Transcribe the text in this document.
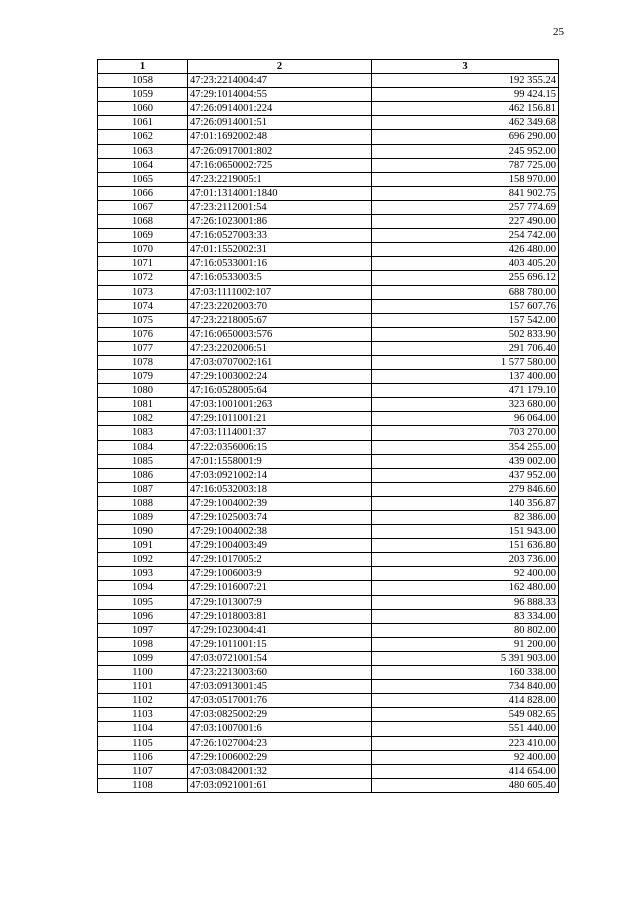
25
1	2	3
1058	47:23:2214004:47	192 355.24
1059	47:29:1014004:55	99 424.15
1060	47:26:0914001:224	462 156.81
1061	47:26:0914001:51	462 349.68
1062	47:01:1692002:48	696 290.00
1063	47:26:0917001:802	245 952.00
1064	47:16:0650002:725	787 725.00
1065	47:23:2219005:1	158 970.00
1066	47:01:1314001:1840	841 902.75
1067	47:23:2112001:54	257 774.69
1068	47:26:1023001:86	227 490.00
1069	47:16:0527003:33	254 742.00
1070	47:01:1552002:31	426 480.00
1071	47:16:0533001:16	403 405.20
1072	47:16:0533003:5	255 696.12
1073	47:03:1111002:107	688 780.00
1074	47:23:2202003:70	157 607.76
1075	47:23:2218005:67	157 542.00
1076	47:16:0650003:576	502 833.90
1077	47:23:2202006:51	291 706.40
1078	47:03:0707002:161	1 577 580.00
1079	47:29:1003002:24	137 400.00
1080	47:16:0528005:64	471 179.10
1081	47:03:1001001:263	323 680.00
1082	47:29:1011001:21	96 064.00
1083	47:03:1114001:37	703 270.00
1084	47:22:0356006:15	354 255.00
1085	47:01:1558001:9	439 002.00
1086	47:03:0921002:14	437 952.00
1087	47:16:0532003:18	279 846.60
1088	47:29:1004002:39	140 356.87
1089	47:29:1025003:74	82 386.00
1090	47:29:1004002:38	151 943.00
1091	47:29:1004003:49	151 636.80
1092	47:29:1017005:2	203 736.00
1093	47:29:1006003:9	92 400.00
1094	47:29:1016007:21	162 480.00
1095	47:29:1013007:9	96 888.33
1096	47:29:1018003:81	83 334.00
1097	47:29:1023004:41	80 802.00
1098	47:29:1011001:15	91 200.00
1099	47:03:0721001:54	5 391 903.00
1100	47:23:2213003:60	160 338.00
1101	47:03:0913001:45	734 840.00
1102	47:03:0517001:76	414 828.00
1103	47:03:0825002:29	549 082.65
1104	47:03:1007001:6	551 440.00
1105	47:26:1027004:23	223 410.00
1106	47:29:1006002:29	92 400.00
1107	47:03:0842001:32	414 654.00
1108	47:03:0921001:61	480 605.40
